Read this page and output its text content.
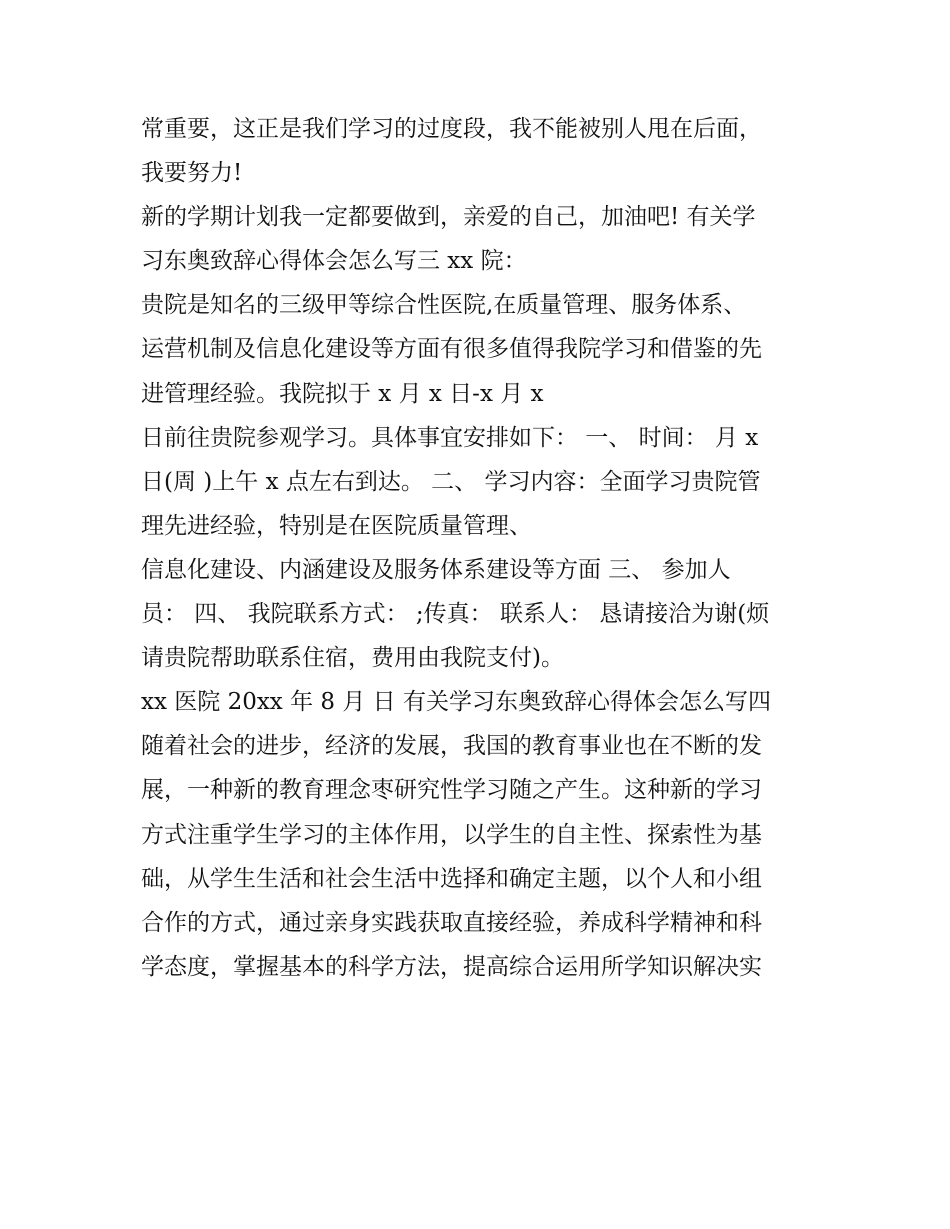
常重要，这正是我们学习的过度段，我不能被别人甩在后面，
我要努力!
新的学期计划我一定都要做到，亲爱的自己，加油吧! 有关学
习东奥致辞心得体会怎么写三 xx 院：
贵院是知名的三级甲等综合性医院,在质量管理、服务体系、
运营机制及信息化建设等方面有很多值得我院学习和借鉴的先
进管理经验。我院拟于 x 月 x 日-x 月 x
日前往贵院参观学习。具体事宜安排如下： 一、 时间： 月 x
日(周 )上午 x 点左右到达。 二、 学习内容：全面学习贵院管
理先进经验，特别是在医院质量管理、
信息化建设、内涵建设及服务体系建设等方面 三、 参加人
员： 四、 我院联系方式： ;传真： 联系人： 恳请接洽为谢(烦
请贵院帮助联系住宿，费用由我院支付)。
xx 医院 20xx 年 8 月 日 有关学习东奥致辞心得体会怎么写四
随着社会的进步，经济的发展，我国的教育事业也在不断的发
展，一种新的教育理念枣研究性学习随之产生。这种新的学习
方式注重学生学习的主体作用，以学生的自主性、探索性为基
础，从学生生活和社会生活中选择和确定主题，以个人和小组
合作的方式，通过亲身实践获取直接经验，养成科学精神和科
学态度，掌握基本的科学方法，提高综合运用所学知识解决实
